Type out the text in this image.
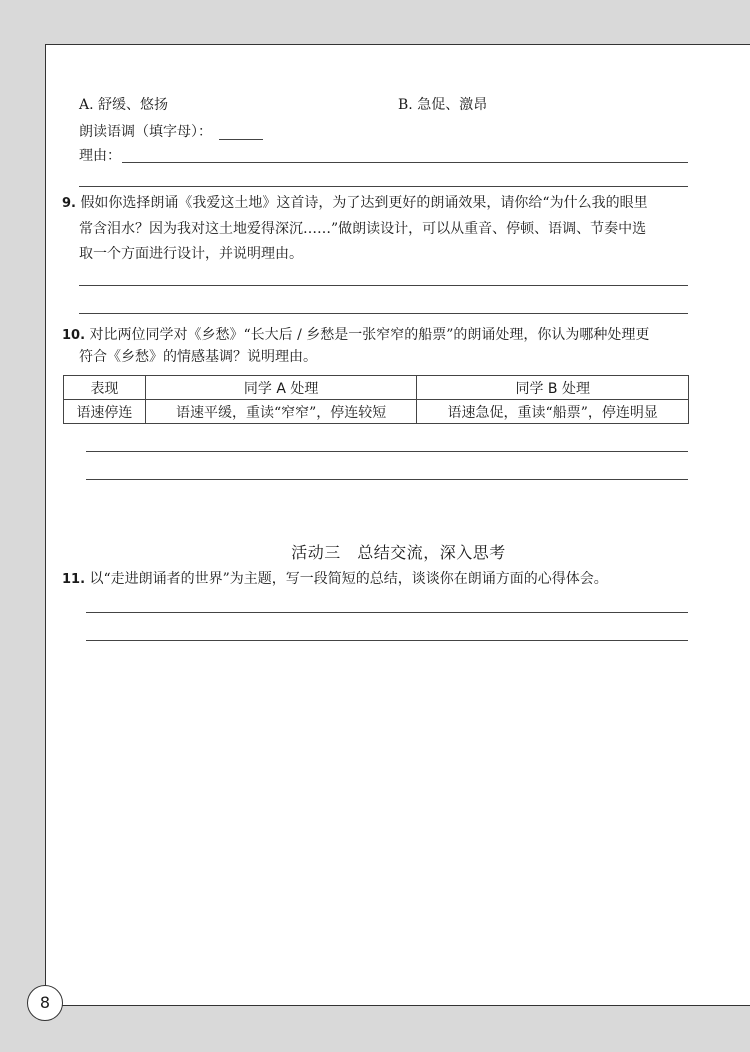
A. 舒缓、悠扬	B. 急促、激昂
朗读语调（填字母）：
理由：
9. 假如你选择朗诵《我爱这土地》这首诗，为了达到更好的朗诵效果，请你给“为什么我的眼里
常含泪水？因为我对这土地爱得深沉……”做朗读设计，可以从重音、停顿、语调、节奏中选
取一个方面进行设计，并说明理由。
10. 对比两位同学对《乡愁》“长大后 / 乡愁是一张窄窄的船票”的朗诵处理，你认为哪种处理更
符合《乡愁》的情感基调？说明理由。
表现	同学 A 处理	同学 B 处理
语速停连	语速平缓，重读“窄窄”，停连较短	语速急促，重读“船票”，停连明显
活动三　总结交流，深入思考
11. 以“走进朗诵者的世界”为主题，写一段简短的总结，谈谈你在朗诵方面的心得体会。
8
